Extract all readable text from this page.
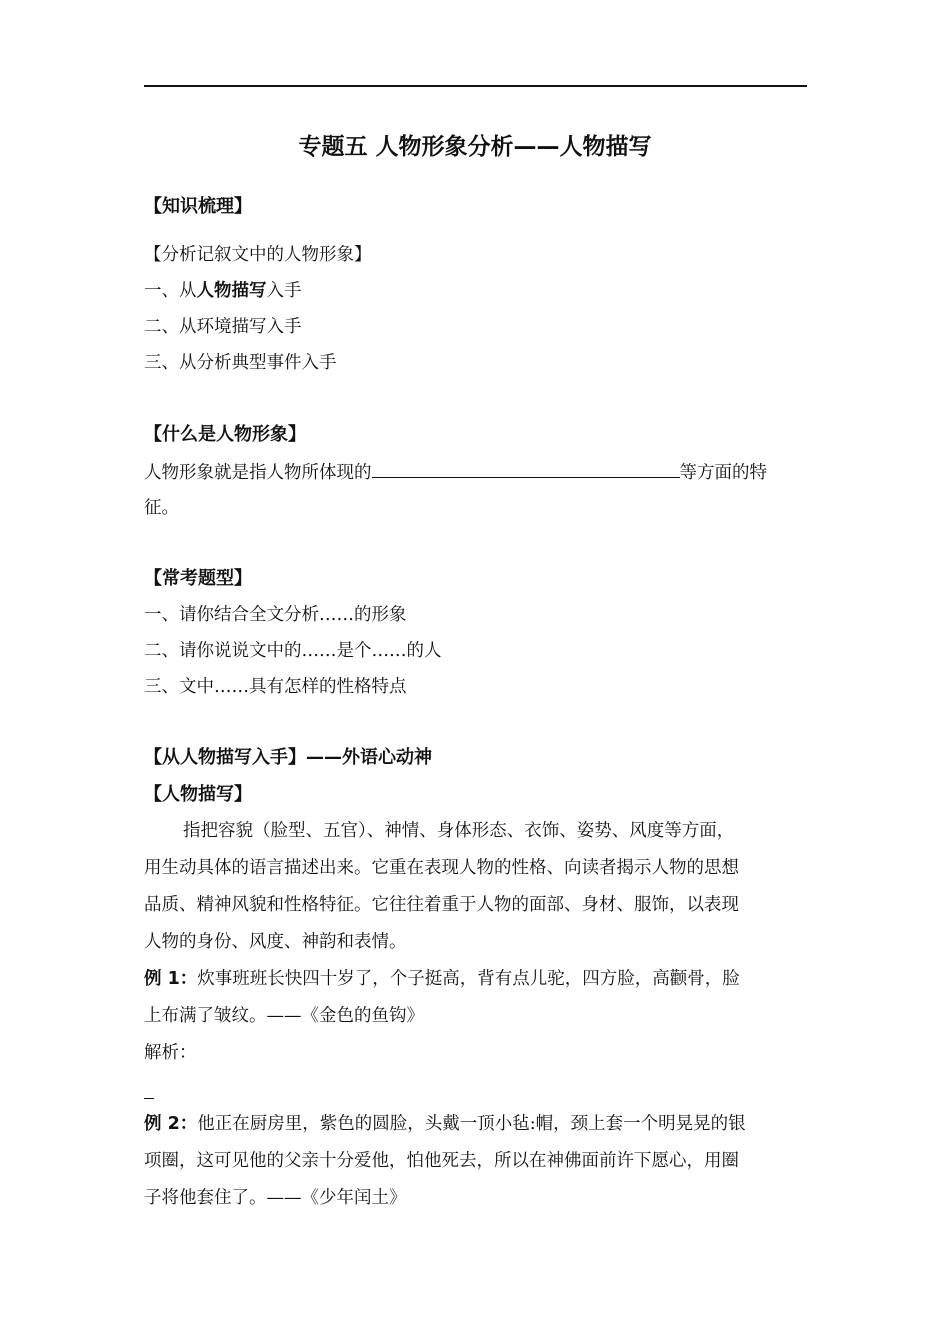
专题五 人物形象分析——人物描写
【知识梳理】
【分析记叙文中的人物形象】
一、从人物描写入手
二、从环境描写入手
三、从分析典型事件入手
【什么是人物形象】
人物形象就是指人物所体现的	等方面的特
征。
【常考题型】
一、请你结合全文分析……的形象
二、请你说说文中的……是个……的人
三、文中……具有怎样的性格特点
【从人物描写入手】——外语心动神
【人物描写】
指把容貌（脸型、五官）、神情、身体形态、衣饰、姿势、风度等方面，
用生动具体的语言描述出来。它重在表现人物的性格、向读者揭示人物的思想
品质、精神风貌和性格特征。它往往着重于人物的面部、身材、服饰，以表现
人物的身份、风度、神韵和表情。
例 1：炊事班班长快四十岁了，个子挺高，背有点儿驼，四方脸，高颧骨，脸
上布满了皱纹。——《金色的鱼钩》
解析：
例 2：他正在厨房里，紫色的圆脸，头戴一顶小毡:帽，颈上套一个明晃晃的银
项圈，这可见他的父亲十分爱他，怕他死去，所以在神佛面前许下愿心，用圈
子将他套住了。——《少年闰土》
